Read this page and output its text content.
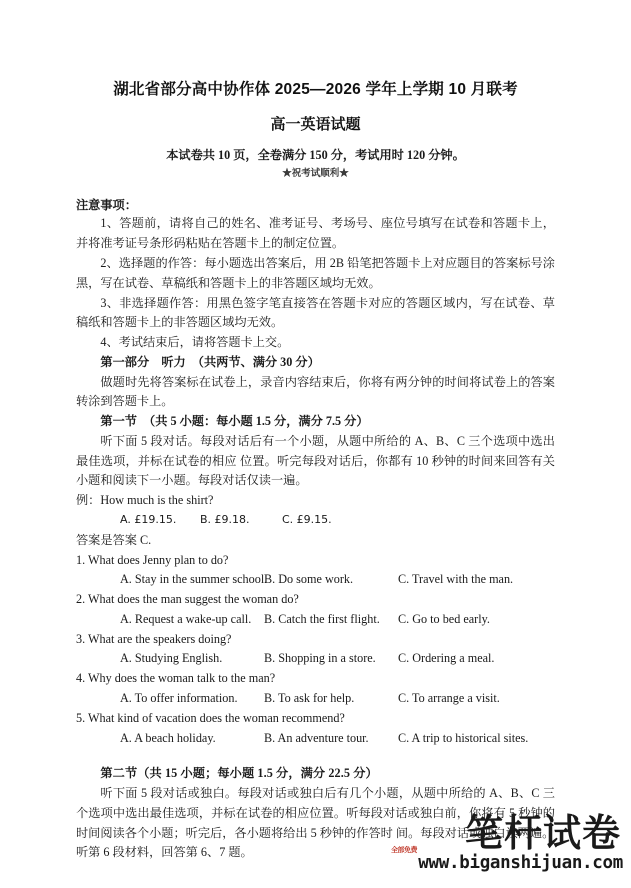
湖北省部分高中协作体 2025—2026 学年上学期 10 月联考
高一英语试题

本试卷共 10 页，全卷满分 150 分，考试用时 120 分钟。

★祝考试顺利★

注意事项：

1、答题前，请将自己的姓名、准考证号、考场号、座位号填写在试卷和答题卡上，并将准考证号条形码粘贴在答题卡上的制定位置。

2、选择题的作答：每小题选出答案后，用 2B 铅笔把答题卡上对应题目的答案标号涂黑，写在试卷、草稿纸和答题卡上的非答题区域均无效。

3、非选择题作答：用黑色签字笔直接答在答题卡对应的答题区域内，写在试卷、草稿纸和答题卡上的非答题区域均无效。

4、考试结束后，请将答题卡上交。

第一部分　听力　（共两节、满分 30 分）

做题时先将答案标在试卷上，录音内容结束后，你将有两分钟的时间将试卷上的答案转涂到答题卡上。

第一节　（共 5 小题：每小题 1.5 分，满分 7.5 分）

听下面 5 段对话。每段对话后有一个小题，从题中所给的 A、B、C 三个选项中选出最佳选项，并标在试卷的相应 位置。听完每段对话后，你都有 10 秒钟的时间来回答有关小题和阅读下一小题。每段对话仅读一遍。

例：How much is the shirt?

A. £19.15. B. £9.18.	C. £9.15.

答案是答案 C.

1. What does Jenny plan to do?

A. Stay in the summer school.
B. Do some work.	C. Travel with the man.

2. What does the man suggest the woman do?

A. Request a wake-up call. B. Catch the first flight. C. Go to bed early.

3. What are the speakers doing?

A. Studying English.	B. Shopping in a store. C. Ordering a meal.

4. Why does the woman talk to the man?

A. To offer information. B. To ask for help.	C. To arrange a visit.

5. What kind of vacation does the woman recommend?

A. A beach holiday.	B. An adventure tour. C. A trip to historical sites.

第二节（共 15 小题；每小题 1.5 分，满分 22.5 分）

听下面 5 段对话或独白。每段对话或独白后有几个小题，从题中所给的 A、B、C 三个选项中选出最佳选项，并标在试卷的相应位置。听每段对话或独白前，你将有 5 秒钟的时间阅读各个小题；听完后，各小题将给出 5 秒钟的作答时 间。每段对话或独白读两遍。

听第 6 段材料，回答第 6、7 题。	笔杆试卷
全部免费
www.biganshijuan.com
